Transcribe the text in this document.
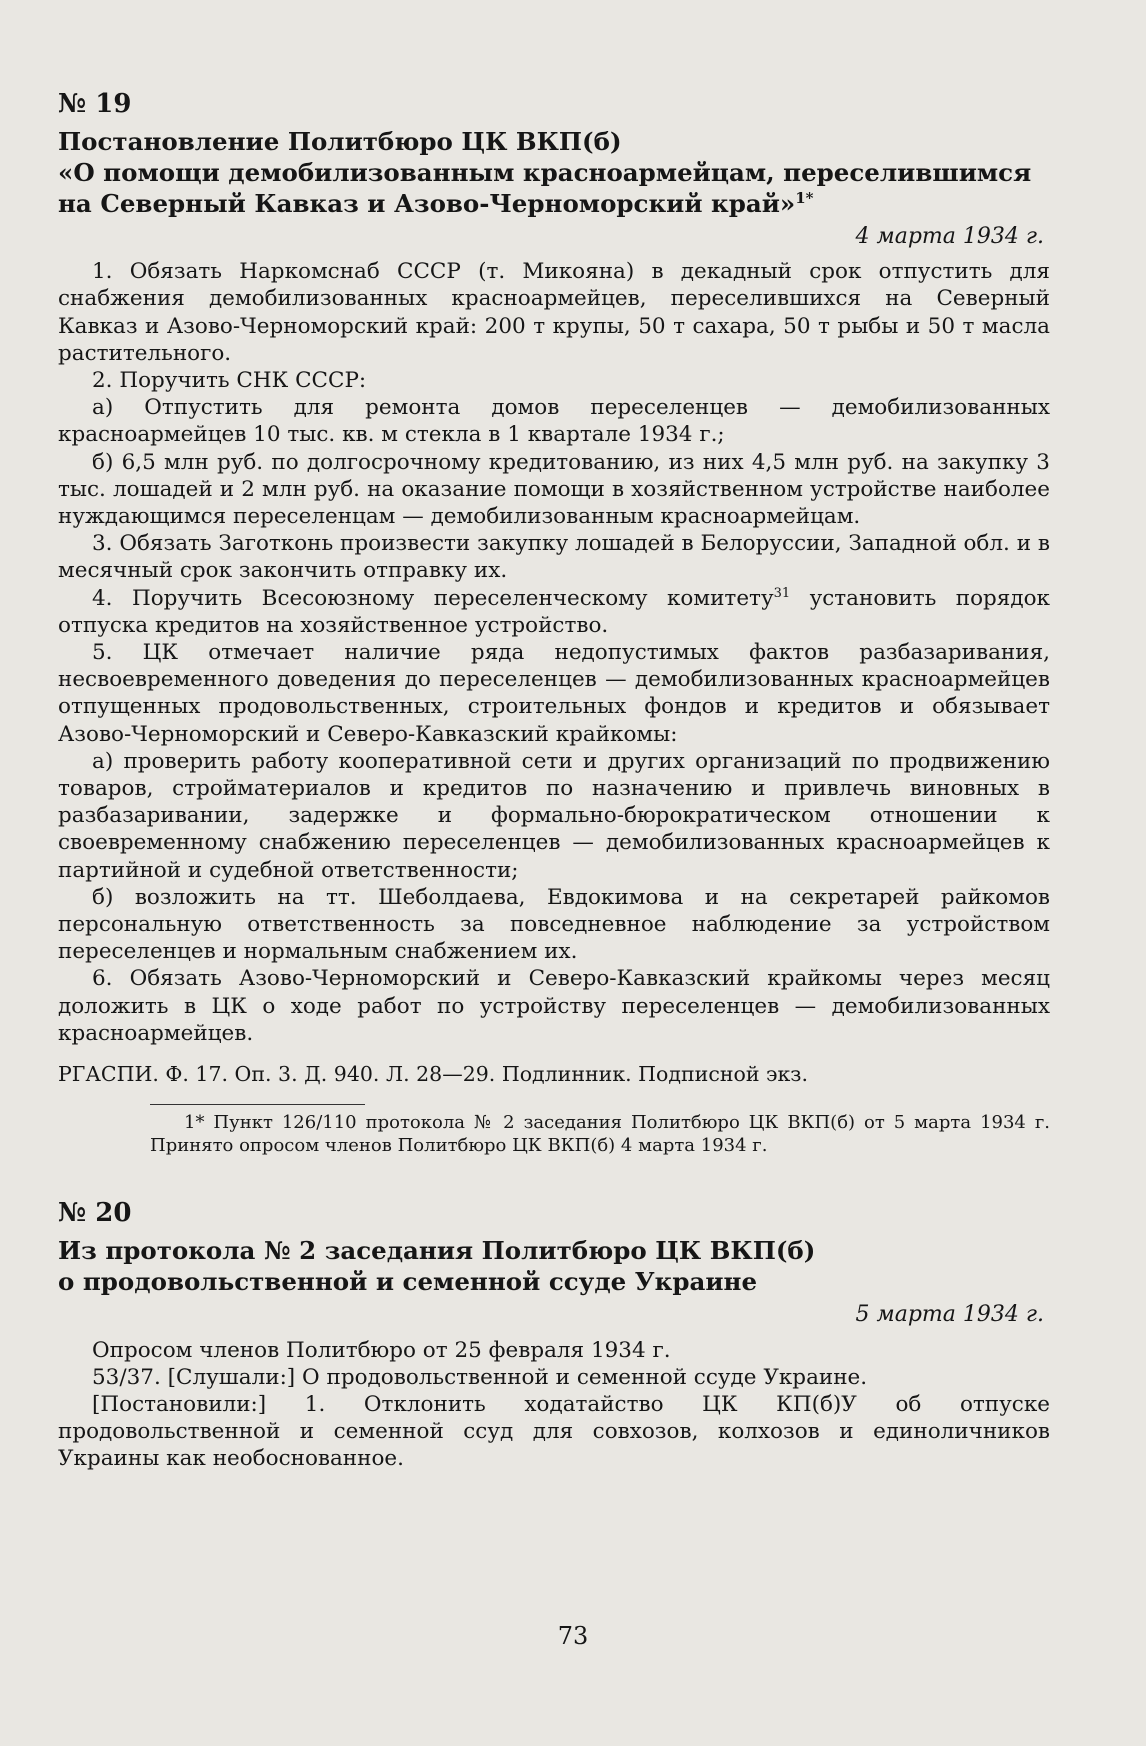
№ 19
Постановление Политбюро ЦК ВКП(б)
«О помощи демобилизованным красноармейцам, переселившимся
на Северный Кавказ и Азово-Черноморский край»$^{1*}$
4 марта 1934 г.

1. Обязать Наркомснаб СССР (т. Микояна) в декадный срок отпустить для снабжения демобилизованных красноармейцев, переселившихся на Северный Кавказ и Азово-Черноморский край: 200 т крупы, 50 т сахара, 50 т рыбы и 50 т масла растительного.

2. Поручить СНК СССР:

а) Отпустить для ремонта домов переселенцев — демобилизованных красноармейцев 10 тыс. кв. м стекла в 1 квартале 1934 г.;

б) 6,5 млн руб. по долгосрочному кредитованию, из них 4,5 млн руб. на закупку 3 тыс. лошадей и 2 млн руб. на оказание помощи в хозяйственном устройстве наиболее нуждающимся переселенцам — демобилизованным красноармейцам.

3. Обязать Заготконь произвести закупку лошадей в Белоруссии, Западной обл. и в месячный срок закончить отправку их.

4. Поручить Всесоюзному переселенческому комитету$^{31}$ установить порядок отпуска кредитов на хозяйственное устройство.

5. ЦК отмечает наличие ряда недопустимых фактов разбазаривания, несвоевременного доведения до переселенцев — демобилизованных красноармейцев отпущенных продовольственных, строительных фондов и кредитов и обязывает Азово-Черноморский и Северо-Кавказский крайкомы:

а) проверить работу кооперативной сети и других организаций по продвижению товаров, стройматериалов и кредитов по назначению и привлечь виновных в разбазаривании, задержке и формально-бюрократическом отношении к своевременному снабжению переселенцев — демобилизованных красноармейцев к партийной и судебной ответственности;

б) возложить на тт. Шеболдаева, Евдокимова и на секретарей райкомов персональную ответственность за повседневное наблюдение за устройством переселенцев и нормальным снабжением их.

6. Обязать Азово-Черноморский и Северо-Кавказский крайкомы через месяц доложить в ЦК о ходе работ по устройству переселенцев — демобилизованных красноармейцев.

РГАСПИ. Ф. 17. Оп. 3. Д. 940. Л. 28—29. Подлинник. Подписной экз.

1* Пункт 126/110 протокола № 2 заседания Политбюро ЦК ВКП(б) от 5 марта 1934 г. Принято опросом членов Политбюро ЦК ВКП(б) 4 марта 1934 г.

№ 20
Из протокола № 2 заседания Политбюро ЦК ВКП(б)
о продовольственной и семенной ссуде Украине
5 марта 1934 г.

Опросом членов Политбюро от 25 февраля 1934 г.

53/37. [Слушали:] О продовольственной и семенной ссуде Украине.

[Постановили:] 1. Отклонить ходатайство ЦК КП(б)У об отпуске продовольственной и семенной ссуд для совхозов, колхозов и единоличников Украины как необоснованное.

73
